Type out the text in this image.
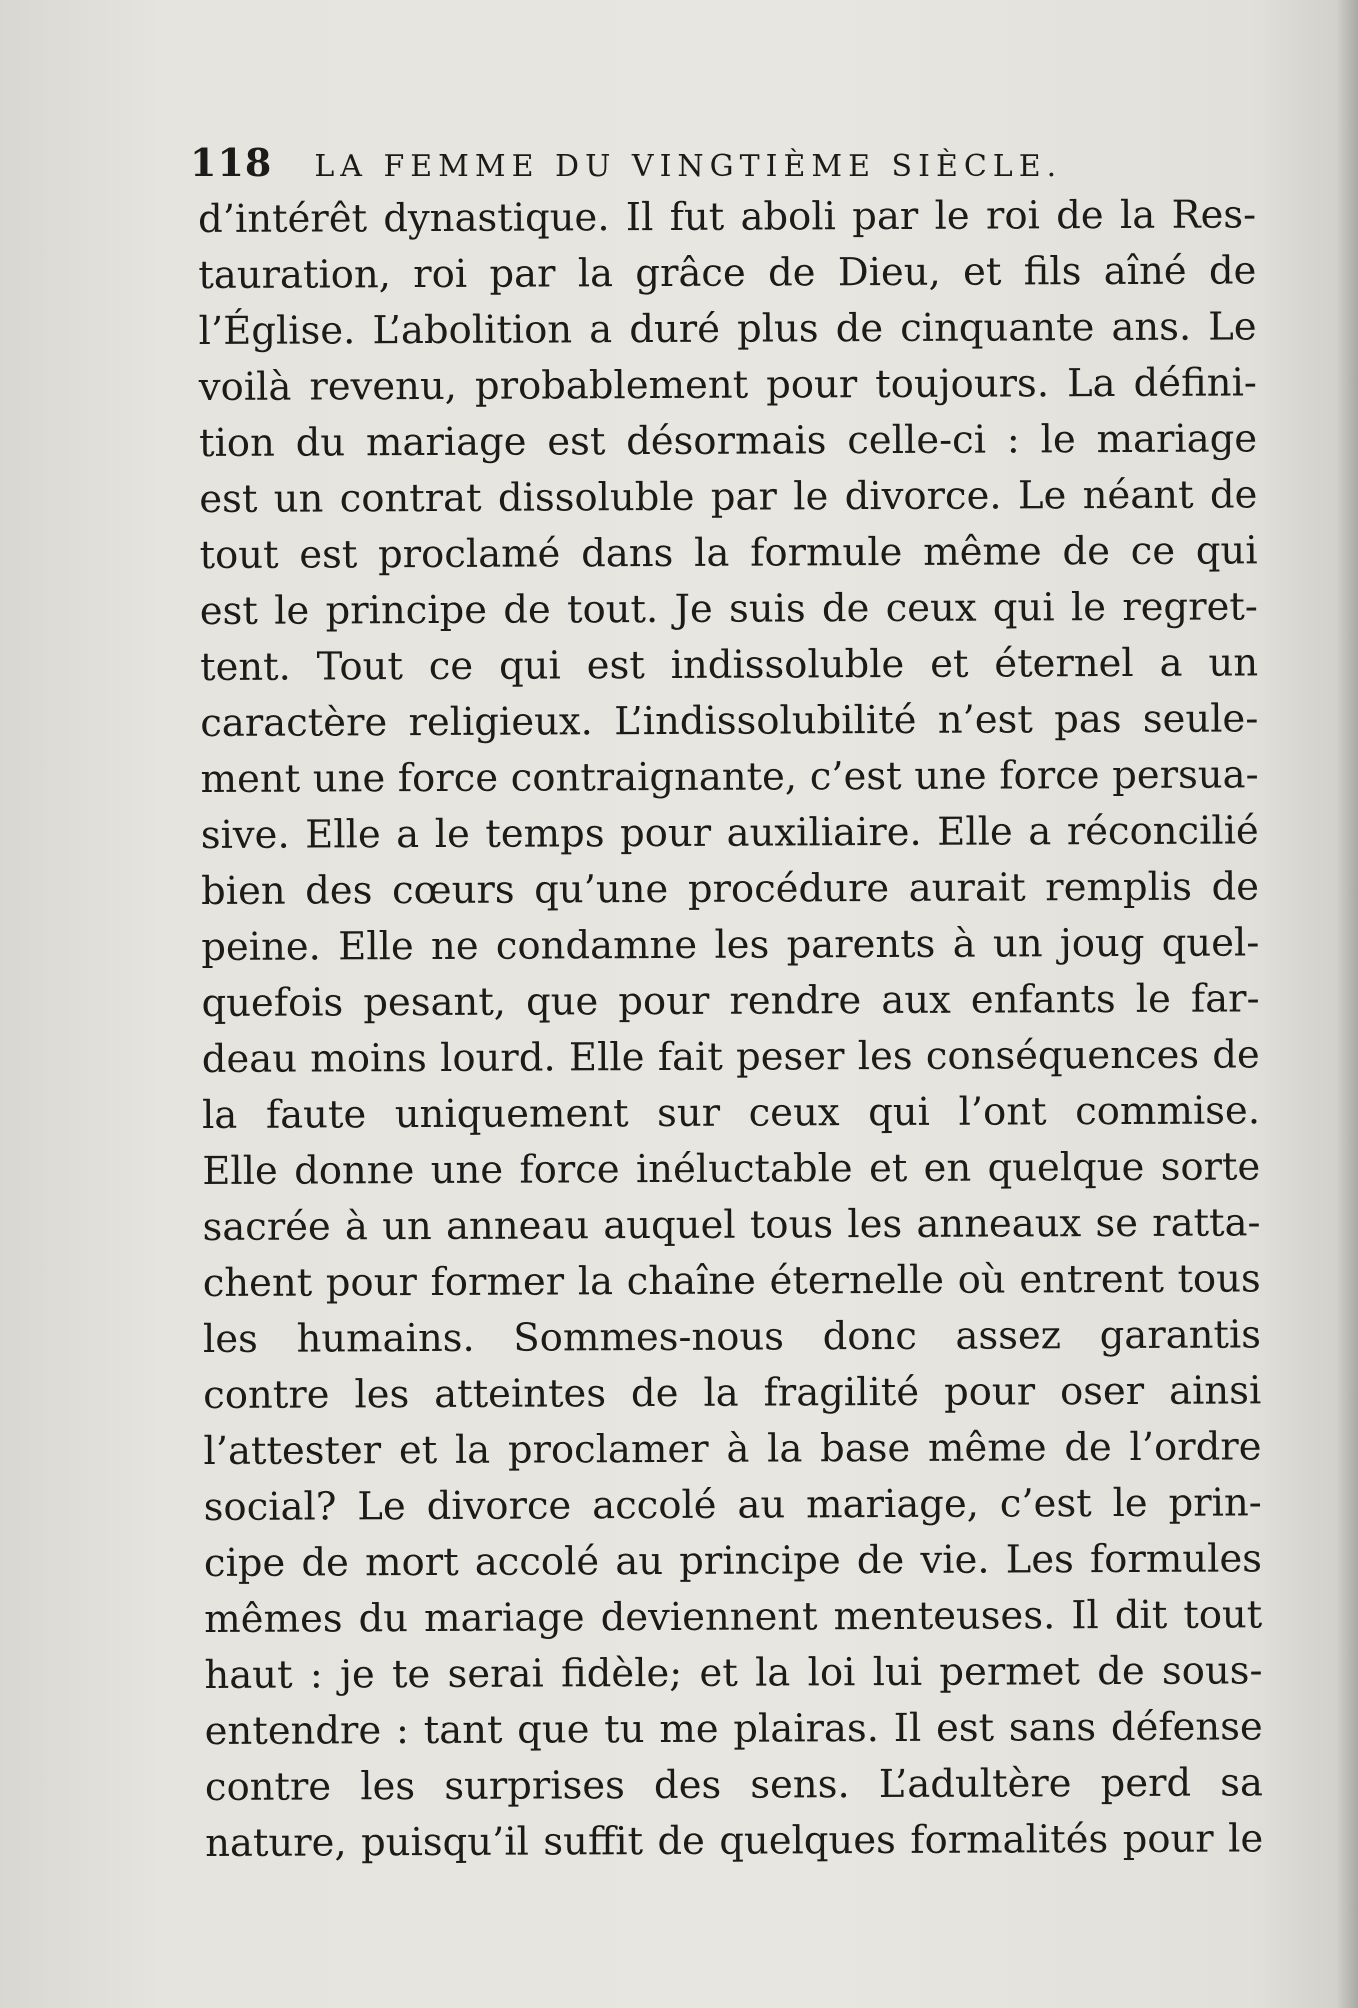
118 LA FEMME DU VINGTIÈME SIÈCLE.
d’intérêt dynastique. Il fut aboli par le roi de la Res-
tauration, roi par la grâce de Dieu, et fils aîné de
l’Église. L’abolition a duré plus de cinquante ans. Le
voilà revenu, probablement pour toujours. La défini-
tion du mariage est désormais celle-ci : le mariage
est un contrat dissoluble par le divorce. Le néant de
tout est proclamé dans la formule même de ce qui
est le principe de tout. Je suis de ceux qui le regret-
tent. Tout ce qui est indissoluble et éternel a un
caractère religieux. L’indissolubilité n’est pas seule-
ment une force contraignante, c’est une force persua-
sive. Elle a le temps pour auxiliaire. Elle a réconcilié
bien des cœurs qu’une procédure aurait remplis de
peine. Elle ne condamne les parents à un joug quel-
quefois pesant, que pour rendre aux enfants le far-
deau moins lourd. Elle fait peser les conséquences de
la faute uniquement sur ceux qui l’ont commise.
Elle donne une force inéluctable et en quelque sorte
sacrée à un anneau auquel tous les anneaux se ratta-
chent pour former la chaîne éternelle où entrent tous
les humains. Sommes-nous donc assez garantis
contre les atteintes de la fragilité pour oser ainsi
l’attester et la proclamer à la base même de l’ordre
social? Le divorce accolé au mariage, c’est le prin-
cipe de mort accolé au principe de vie. Les formules
mêmes du mariage deviennent menteuses. Il dit tout
haut : je te serai fidèle; et la loi lui permet de sous-
entendre : tant que tu me plairas. Il est sans défense
contre les surprises des sens. L’adultère perd sa
nature, puisqu’il suffit de quelques formalités pour le
